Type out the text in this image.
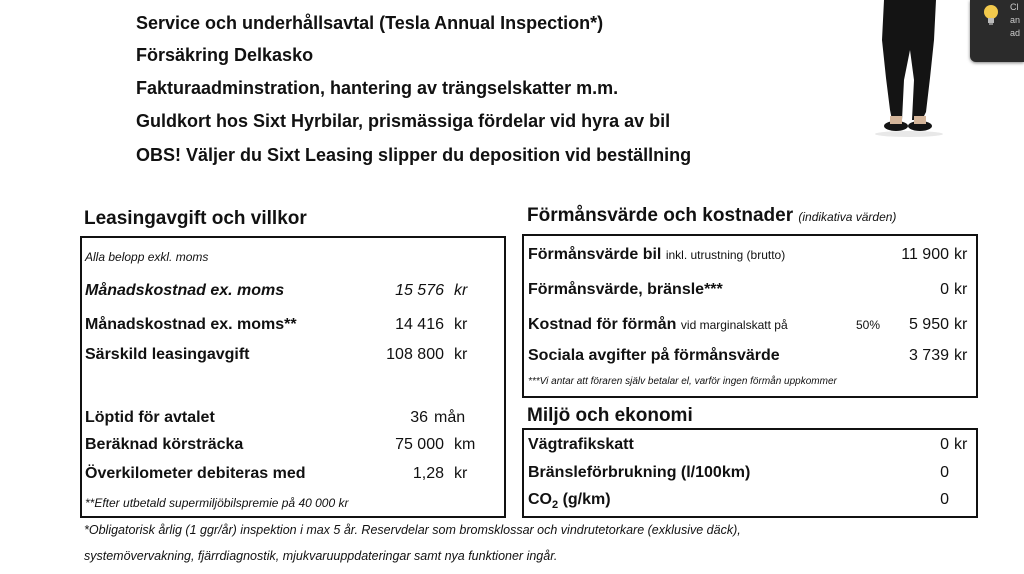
Cl
an
ad
Service och underhållsavtal (Tesla Annual Inspection*)
Försäkring Delkasko
Fakturaadminstration, hantering av trängselskatter m.m.
Guldkort hos Sixt Hyrbilar, prismässiga fördelar vid hyra av bil
OBS! Väljer du Sixt Leasing slipper du deposition vid beställning
Leasingavgift och villkor
Alla belopp exkl. moms
Månadskostnad ex. moms	15 576 kr
Månadskostnad ex. moms**	14 416 kr
Särskild leasingavgift	108 800 kr
Löptid för avtalet	36 mån
Beräknad körsträcka	75 000 km
Överkilometer debiteras med	1,28 kr
**Efter utbetald supermiljöbilspremie på 40 000 kr
Förmånsvärde och kostnader (indikativa värden)
Förmånsvärde bil inkl. utrustning (brutto)	11 900 kr
Förmånsvärde, bränsle***	0 kr
Kostnad för förmån vid marginalskatt på	50% 5 950 kr
Sociala avgifter på förmånsvärde	3 739 kr
***Vi antar att föraren själv betalar el, varför ingen förmån uppkommer
Miljö och ekonomi
Vägtrafikskatt	0 kr
Bränsleförbrukning (l/100km)	0
$CO_2$ (g/km)	0
*Obligatorisk årlig (1 ggr/år) inspektion i max 5 år. Reservdelar som bromsklossar och vindrutetorkare (exklusive däck),
systemövervakning, fjärrdiagnostik, mjukvaruuppdateringar samt nya funktioner ingår.
